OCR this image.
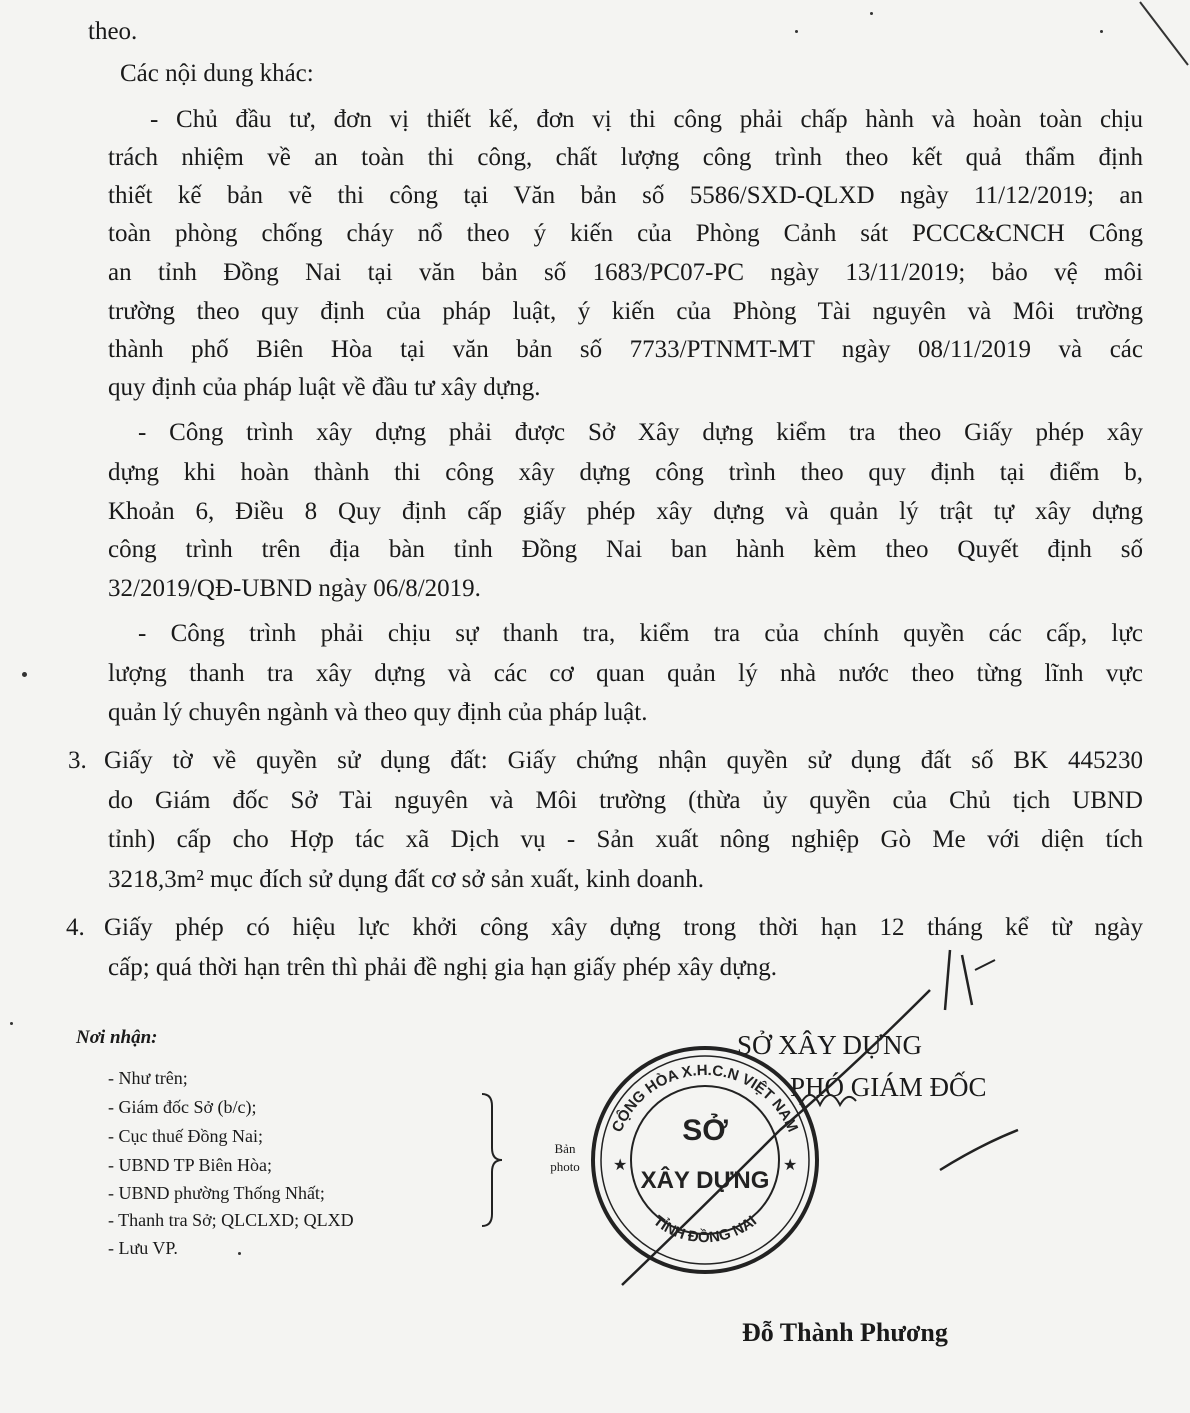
theo.
Các nội dung khác:
- Chủ đầu tư, đơn vị thiết kế, đơn vị thi công phải chấp hành và hoàn toàn chịu
trách nhiệm về an toàn thi công, chất lượng công trình theo kết quả thẩm định
thiết kế bản vẽ thi công tại Văn bản số 5586/SXD-QLXD ngày 11/12/2019; an
toàn phòng chống cháy nổ theo ý kiến của Phòng Cảnh sát PCCC&CNCH Công
an tỉnh Đồng Nai tại văn bản số 1683/PC07-PC ngày 13/11/2019; bảo vệ môi
trường theo quy định của pháp luật, ý kiến của Phòng Tài nguyên và Môi trường
thành phố Biên Hòa tại văn bản số 7733/PTNMT-MT ngày 08/11/2019 và các
quy định của pháp luật về đầu tư xây dựng.
- Công trình xây dựng phải được Sở Xây dựng kiểm tra theo Giấy phép xây
dựng khi hoàn thành thi công xây dựng công trình theo quy định tại điểm b,
Khoản 6, Điều 8 Quy định cấp giấy phép xây dựng và quản lý trật tự xây dựng
công trình trên địa bàn tỉnh Đồng Nai ban hành kèm theo Quyết định số
32/2019/QĐ-UBND ngày 06/8/2019.
- Công trình phải chịu sự thanh tra, kiểm tra của chính quyền các cấp, lực
lượng thanh tra xây dựng và các cơ quan quản lý nhà nước theo từng lĩnh vực
quản lý chuyên ngành và theo quy định của pháp luật.
3. Giấy tờ về quyền sử dụng đất: Giấy chứng nhận quyền sử dụng đất số BK 445230
do Giám đốc Sở Tài nguyên và Môi trường (thừa ủy quyền của Chủ tịch UBND
tỉnh) cấp cho Hợp tác xã Dịch vụ - Sản xuất nông nghiệp Gò Me với diện tích
3218,3m² mục đích sử dụng đất cơ sở sản xuất, kinh doanh.
4. Giấy phép có hiệu lực khởi công xây dựng trong thời hạn 12 tháng kể từ ngày
cấp; quá thời hạn trên thì phải đề nghị gia hạn giấy phép xây dựng.
Nơi nhận:
- Như trên;
- Giám đốc Sở (b/c);
- Cục thuế Đồng Nai;
- UBND TP Biên Hòa;
- UBND phường Thống Nhất;
- Thanh tra Sở; QLCLXD; QLXD
- Lưu VP.
Bản
photo
SỞ XÂY DỰNG
PHÓ GIÁM ĐỐC
CỘNG HÒA X.H.C.N VIỆT NAM
TỈNH ĐỒNG NAI
SỞ
XÂY DỰNG
★	★
Đỗ Thành Phương
